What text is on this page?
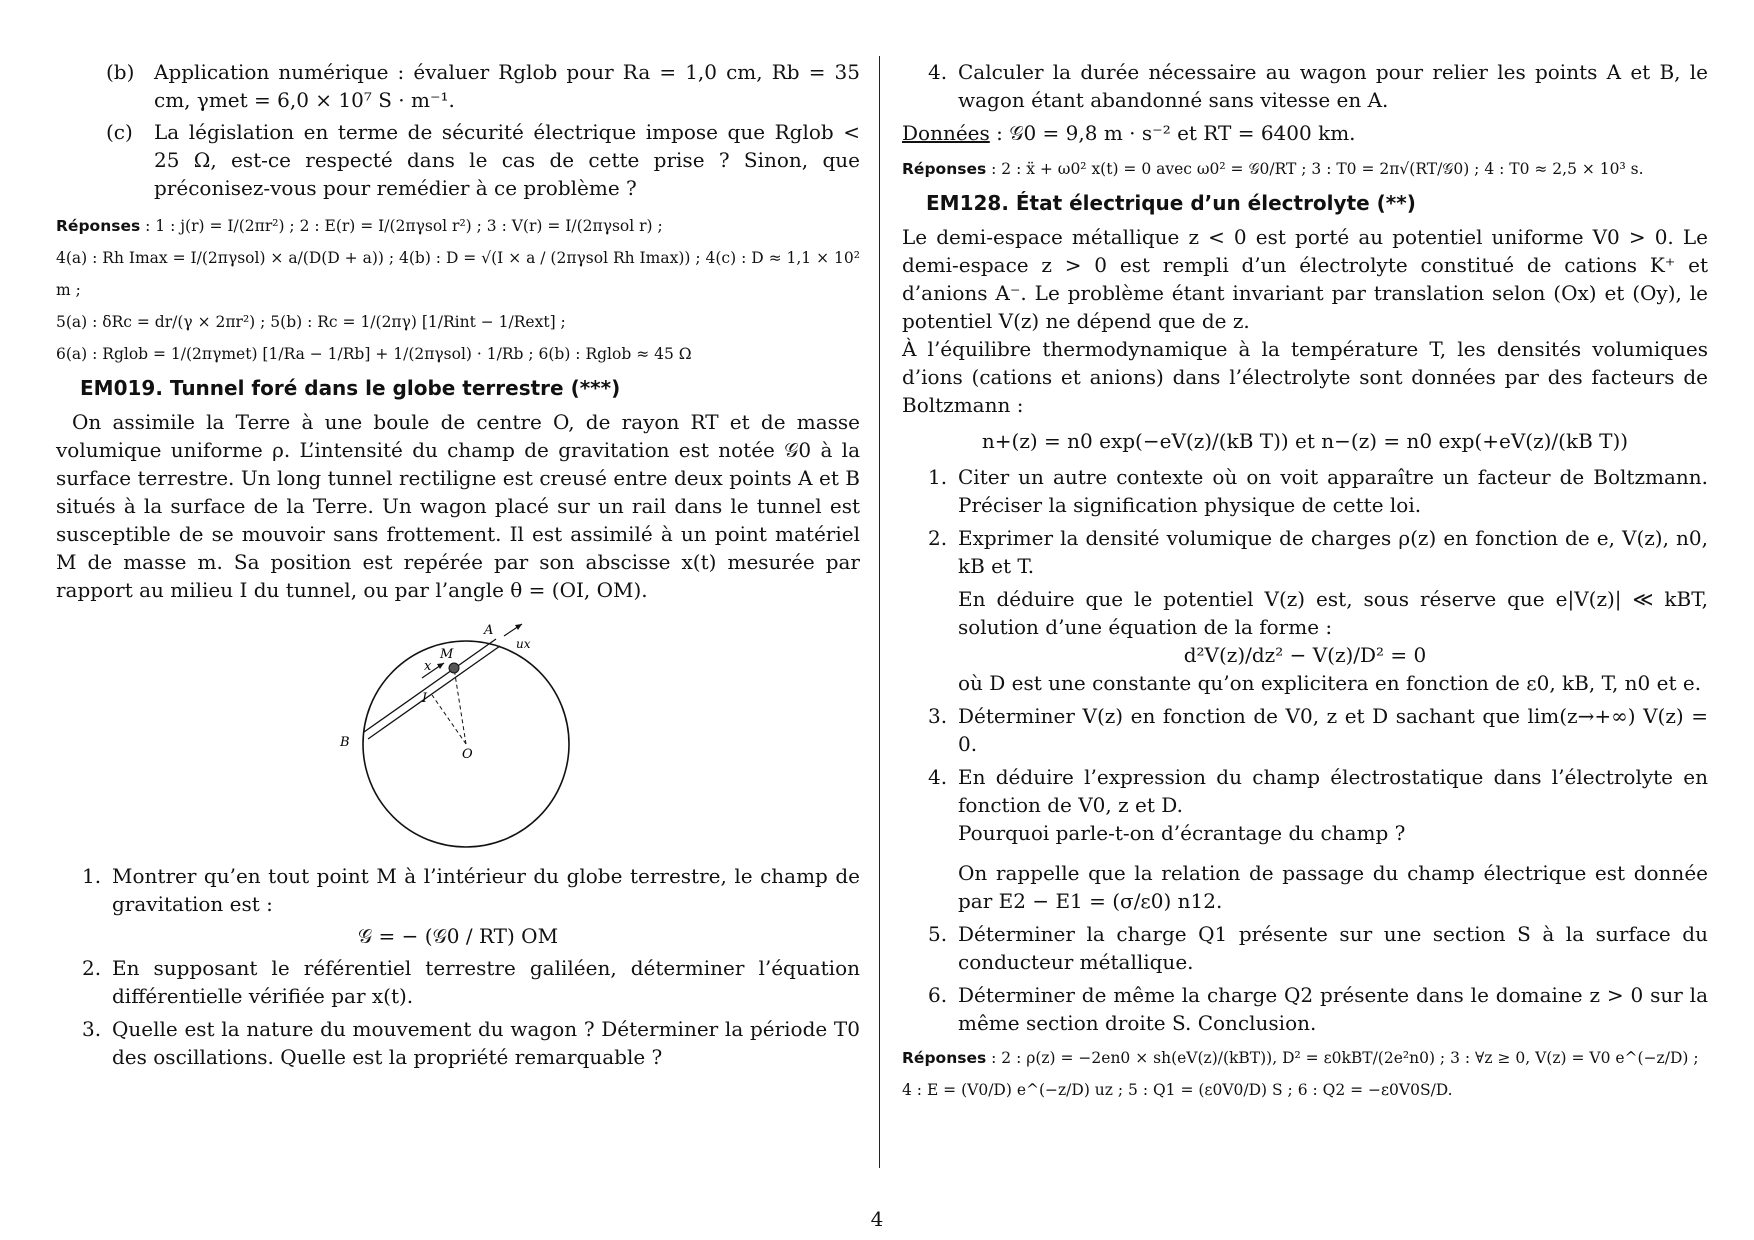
(b) Application numérique : évaluer Rglob pour Ra = 1,0 cm, Rb = 35 cm, γmet = 6,0 × 10⁷ S · m⁻¹.

(c) La législation en terme de sécurité électrique impose que Rglob < 25 Ω, est-ce respecté dans le cas de cette prise ? Sinon, que préconisez-vous pour remédier à ce problème ?

Réponses : 1 : j(r) = I/(2πr²) ; 2 : E(r) = I/(2πγsol r²) ; 3 : V(r) = I/(2πγsol r) ;

4(a) : Rh Imax = I/(2πγsol) × a/(D(D + a)) ; 4(b) : D = √(I × a / (2πγsol Rh Imax)) ; 4(c) : D ≈ 1,1 × 10² m ;

5(a) : δRc = dr/(γ × 2πr²) ; 5(b) : Rc = 1/(2πγ) [1/Rint − 1/Rext] ;

6(a) : Rglob = 1/(2πγmet) [1/Ra − 1/Rb] + 1/(2πγsol) · 1/Rb ; 6(b) : Rglob ≈ 45 Ω

EM019. Tunnel foré dans le globe terrestre (***)

On assimile la Terre à une boule de centre O, de rayon RT et de masse volumique uniforme ρ. L’intensité du champ de gravitation est notée 𝒢0 à la surface terrestre. Un long tunnel rectiligne est creusé entre deux points A et B situés à la surface de la Terre. Un wagon placé sur un rail dans le tunnel est susceptible de se mouvoir sans frottement. Il est assimilé à un point matériel M de masse m. Sa position est repérée par son abscisse x(t) mesurée par rapport au milieu I du tunnel, ou par l’angle θ = (OI, OM).

A
B
M
x
I
O
ux
1. Montrer qu’en tout point M à l’intérieur du globe terrestre, le champ de gravitation est :

𝒢 = − (𝒢0 / RT) OM

2. En supposant le référentiel terrestre galiléen, déterminer l’équation différentielle vérifiée par x(t).
3. Quelle est la nature du mouvement du wagon ? Déterminer la période T0 des oscillations. Quelle est la propriété remarquable ?
4. Calculer la durée nécessaire au wagon pour relier les points A et B, le wagon étant abandonné sans vitesse en A.

Données : 𝒢0 = 9,8 m · s⁻² et RT = 6400 km.

Réponses : 2 : ẍ + ω0² x(t) = 0 avec ω0² = 𝒢0/RT ; 3 : T0 = 2π√(RT/𝒢0) ; 4 : T0 ≈ 2,5 × 10³ s.

EM128. État électrique d’un électrolyte (**)

Le demi-espace métallique z < 0 est porté au potentiel uniforme V0 > 0. Le demi-espace z > 0 est rempli d’un électrolyte constitué de cations K⁺ et d’anions A⁻. Le problème étant invariant par translation selon (Ox) et (Oy), le potentiel V(z) ne dépend que de z.

À l’équilibre thermodynamique à la température T, les densités volumiques d’ions (cations et anions) dans l’électrolyte sont données par des facteurs de Boltzmann :

n+(z) = n0 exp(−eV(z)/(kB T)) et n−(z) = n0 exp(+eV(z)/(kB T))

1. Citer un autre contexte où on voit apparaître un facteur de Boltzmann. Préciser la signification physique de cette loi.
2. Exprimer la densité volumique de charges ρ(z) en fonction de e, V(z), n0, kB et T.
En déduire que le potentiel V(z) est, sous réserve que e|V(z)| ≪ kBT, solution d’une équation de la forme :

d²V(z)/dz² − V(z)/D² = 0

où D est une constante qu’on explicitera en fonction de ε0, kB, T, n0 et e.
3. Déterminer V(z) en fonction de V0, z et D sachant que lim(z→+∞) V(z) = 0.
4. En déduire l’expression du champ électrostatique dans l’électrolyte en fonction de V0, z et D.
Pourquoi parle-t-on d’écrantage du champ ?
On rappelle que la relation de passage du champ électrique est donnée par E2 − E1 = (σ/ε0) n12.
5. Déterminer la charge Q1 présente sur une section S à la surface du conducteur métallique.
6. Déterminer de même la charge Q2 présente dans le domaine z > 0 sur la même section droite S. Conclusion.

Réponses : 2 : ρ(z) = −2en0 × sh(eV(z)/(kBT)), D² = ε0kBT/(2e²n0) ; 3 : ∀z ≥ 0, V(z) = V0 e^(−z/D) ;

4 : E = (V0/D) e^(−z/D) uz ; 5 : Q1 = (ε0V0/D) S ; 6 : Q2 = −ε0V0S/D.

4
